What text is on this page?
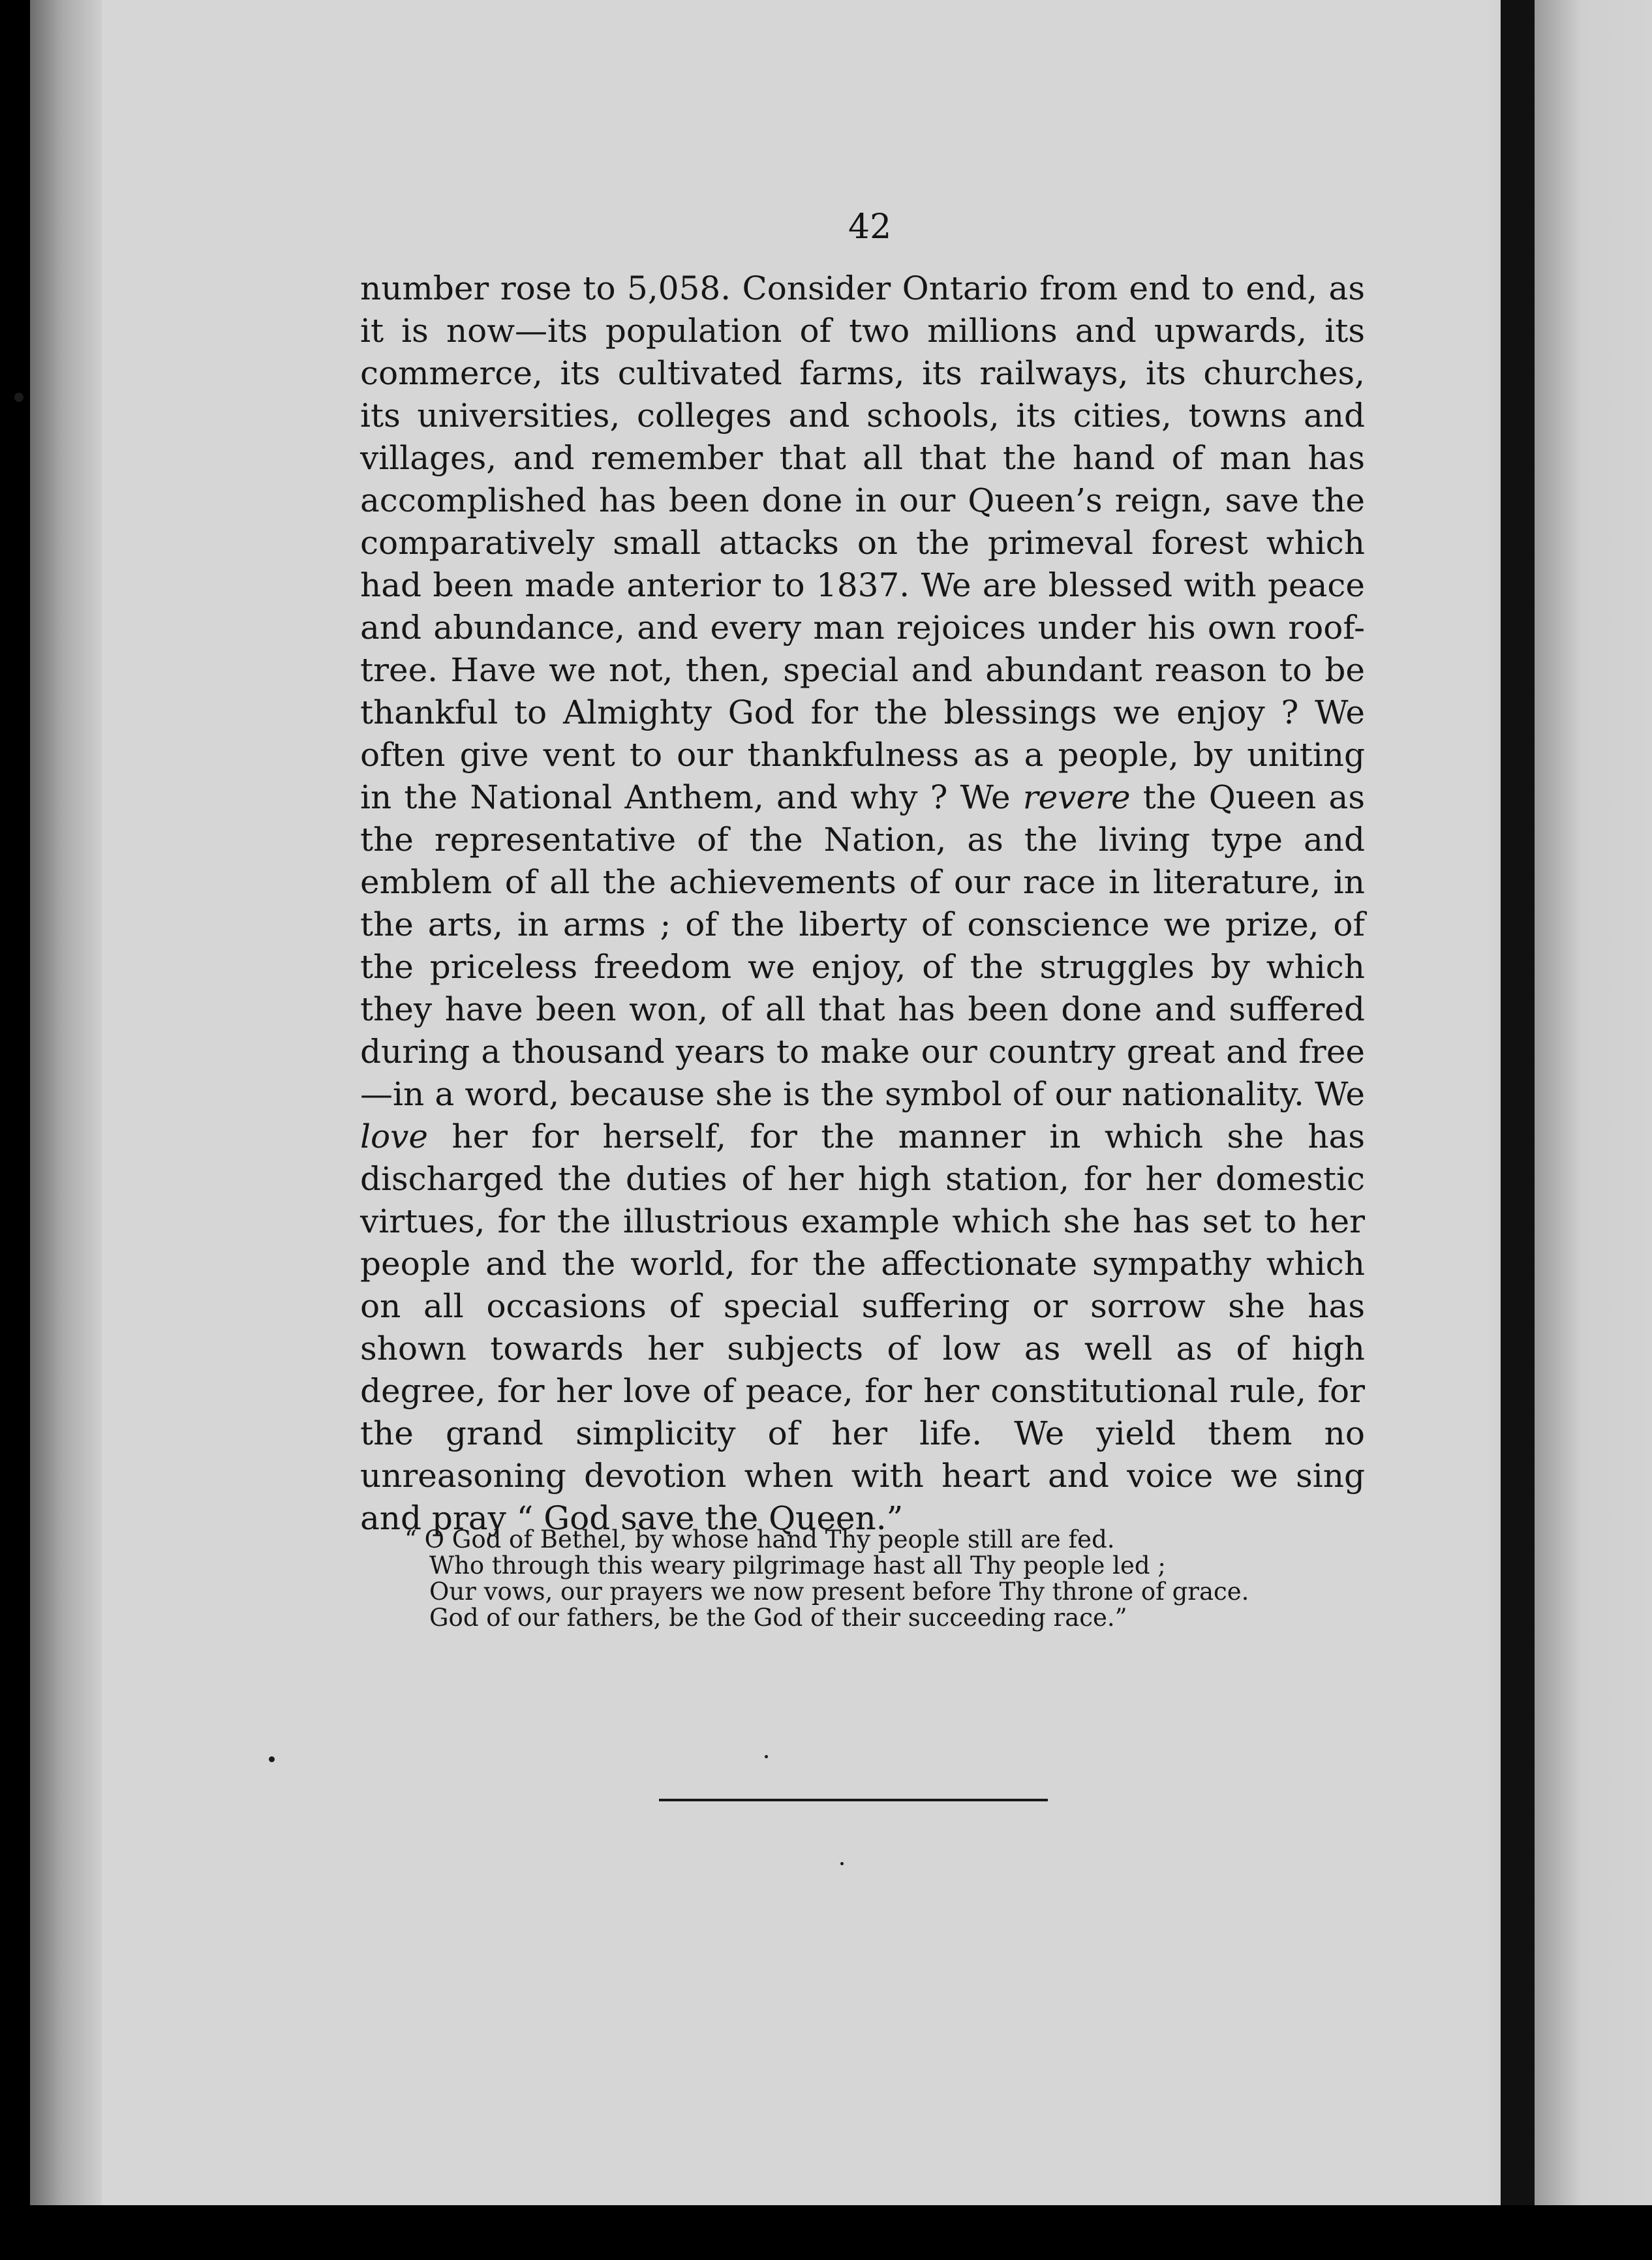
42

number rose to 5,058. Consider Ontario from end to end, as it is now—its population of two millions and upwards, its commerce, its cultivated farms, its railways, its churches, its universities, colleges and schools, its cities, towns and villages, and remember that all that the hand of man has accomplished has been done in our Queen’s reign, save the comparatively small attacks on the primeval forest which had been made anterior to 1837. We are blessed with peace and abundance, and every man rejoices under his own roof-tree. Have we not, then, special and abundant reason to be thankful to Almighty God for the blessings we enjoy ? We often give vent to our thankfulness as a people, by uniting in the National Anthem, and why ? We revere the Queen as the representative of the Nation, as the living type and emblem of all the achievements of our race in literature, in the arts, in arms ; of the liberty of conscience we prize, of the priceless freedom we enjoy, of the struggles by which they have been won, of all that has been done and suffered during a thousand years to make our country great and free—in a word, because she is the symbol of our nationality. We love her for herself, for the manner in which she has discharged the duties of her high station, for her domestic virtues, for the illustrious example which she has set to her people and the world, for the affectionate sympathy which on all occasions of special suffering or sorrow she has shown towards her subjects of low as well as of high degree, for her love of peace, for her constitutional rule, for the grand simplicity of her life. We yield them no unreasoning devotion when with heart and voice we sing and pray “ God save the Queen.”

“ O God of Bethel, by whose hand Thy people still are fed.
Who through this weary pilgrimage hast all Thy people led ;
Our vows, our prayers we now present before Thy throne of grace.
God of our fathers, be the God of their succeeding race.”
